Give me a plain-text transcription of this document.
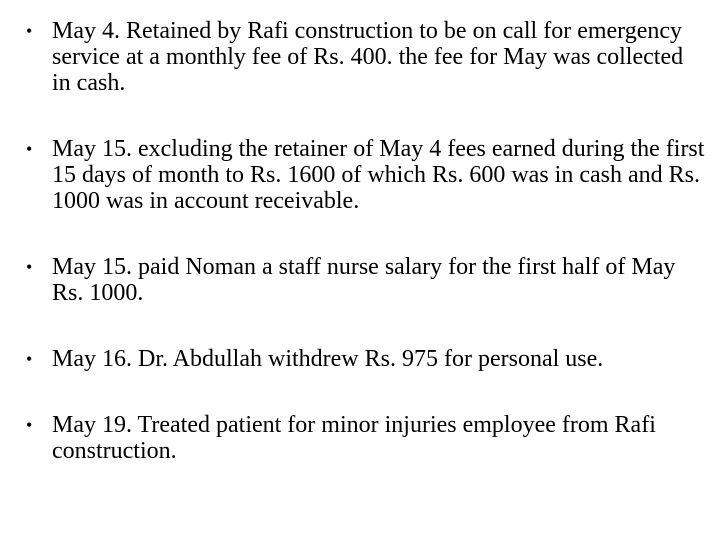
• May 4. Retained by Rafi construction to be on call for emergency service at a monthly fee of Rs. 400. the fee for May was collected in cash.
• May 15. excluding the retainer of May 4 fees earned during the first 15 days of month to Rs. 1600 of which Rs. 600 was in cash and Rs. 1000 was in account receivable.
• May 15. paid Noman a staff nurse salary for the first half of May Rs. 1000.
• May 16. Dr. Abdullah withdrew Rs. 975 for personal use.
• May 19. Treated patient for minor injuries employee from Rafi construction.
